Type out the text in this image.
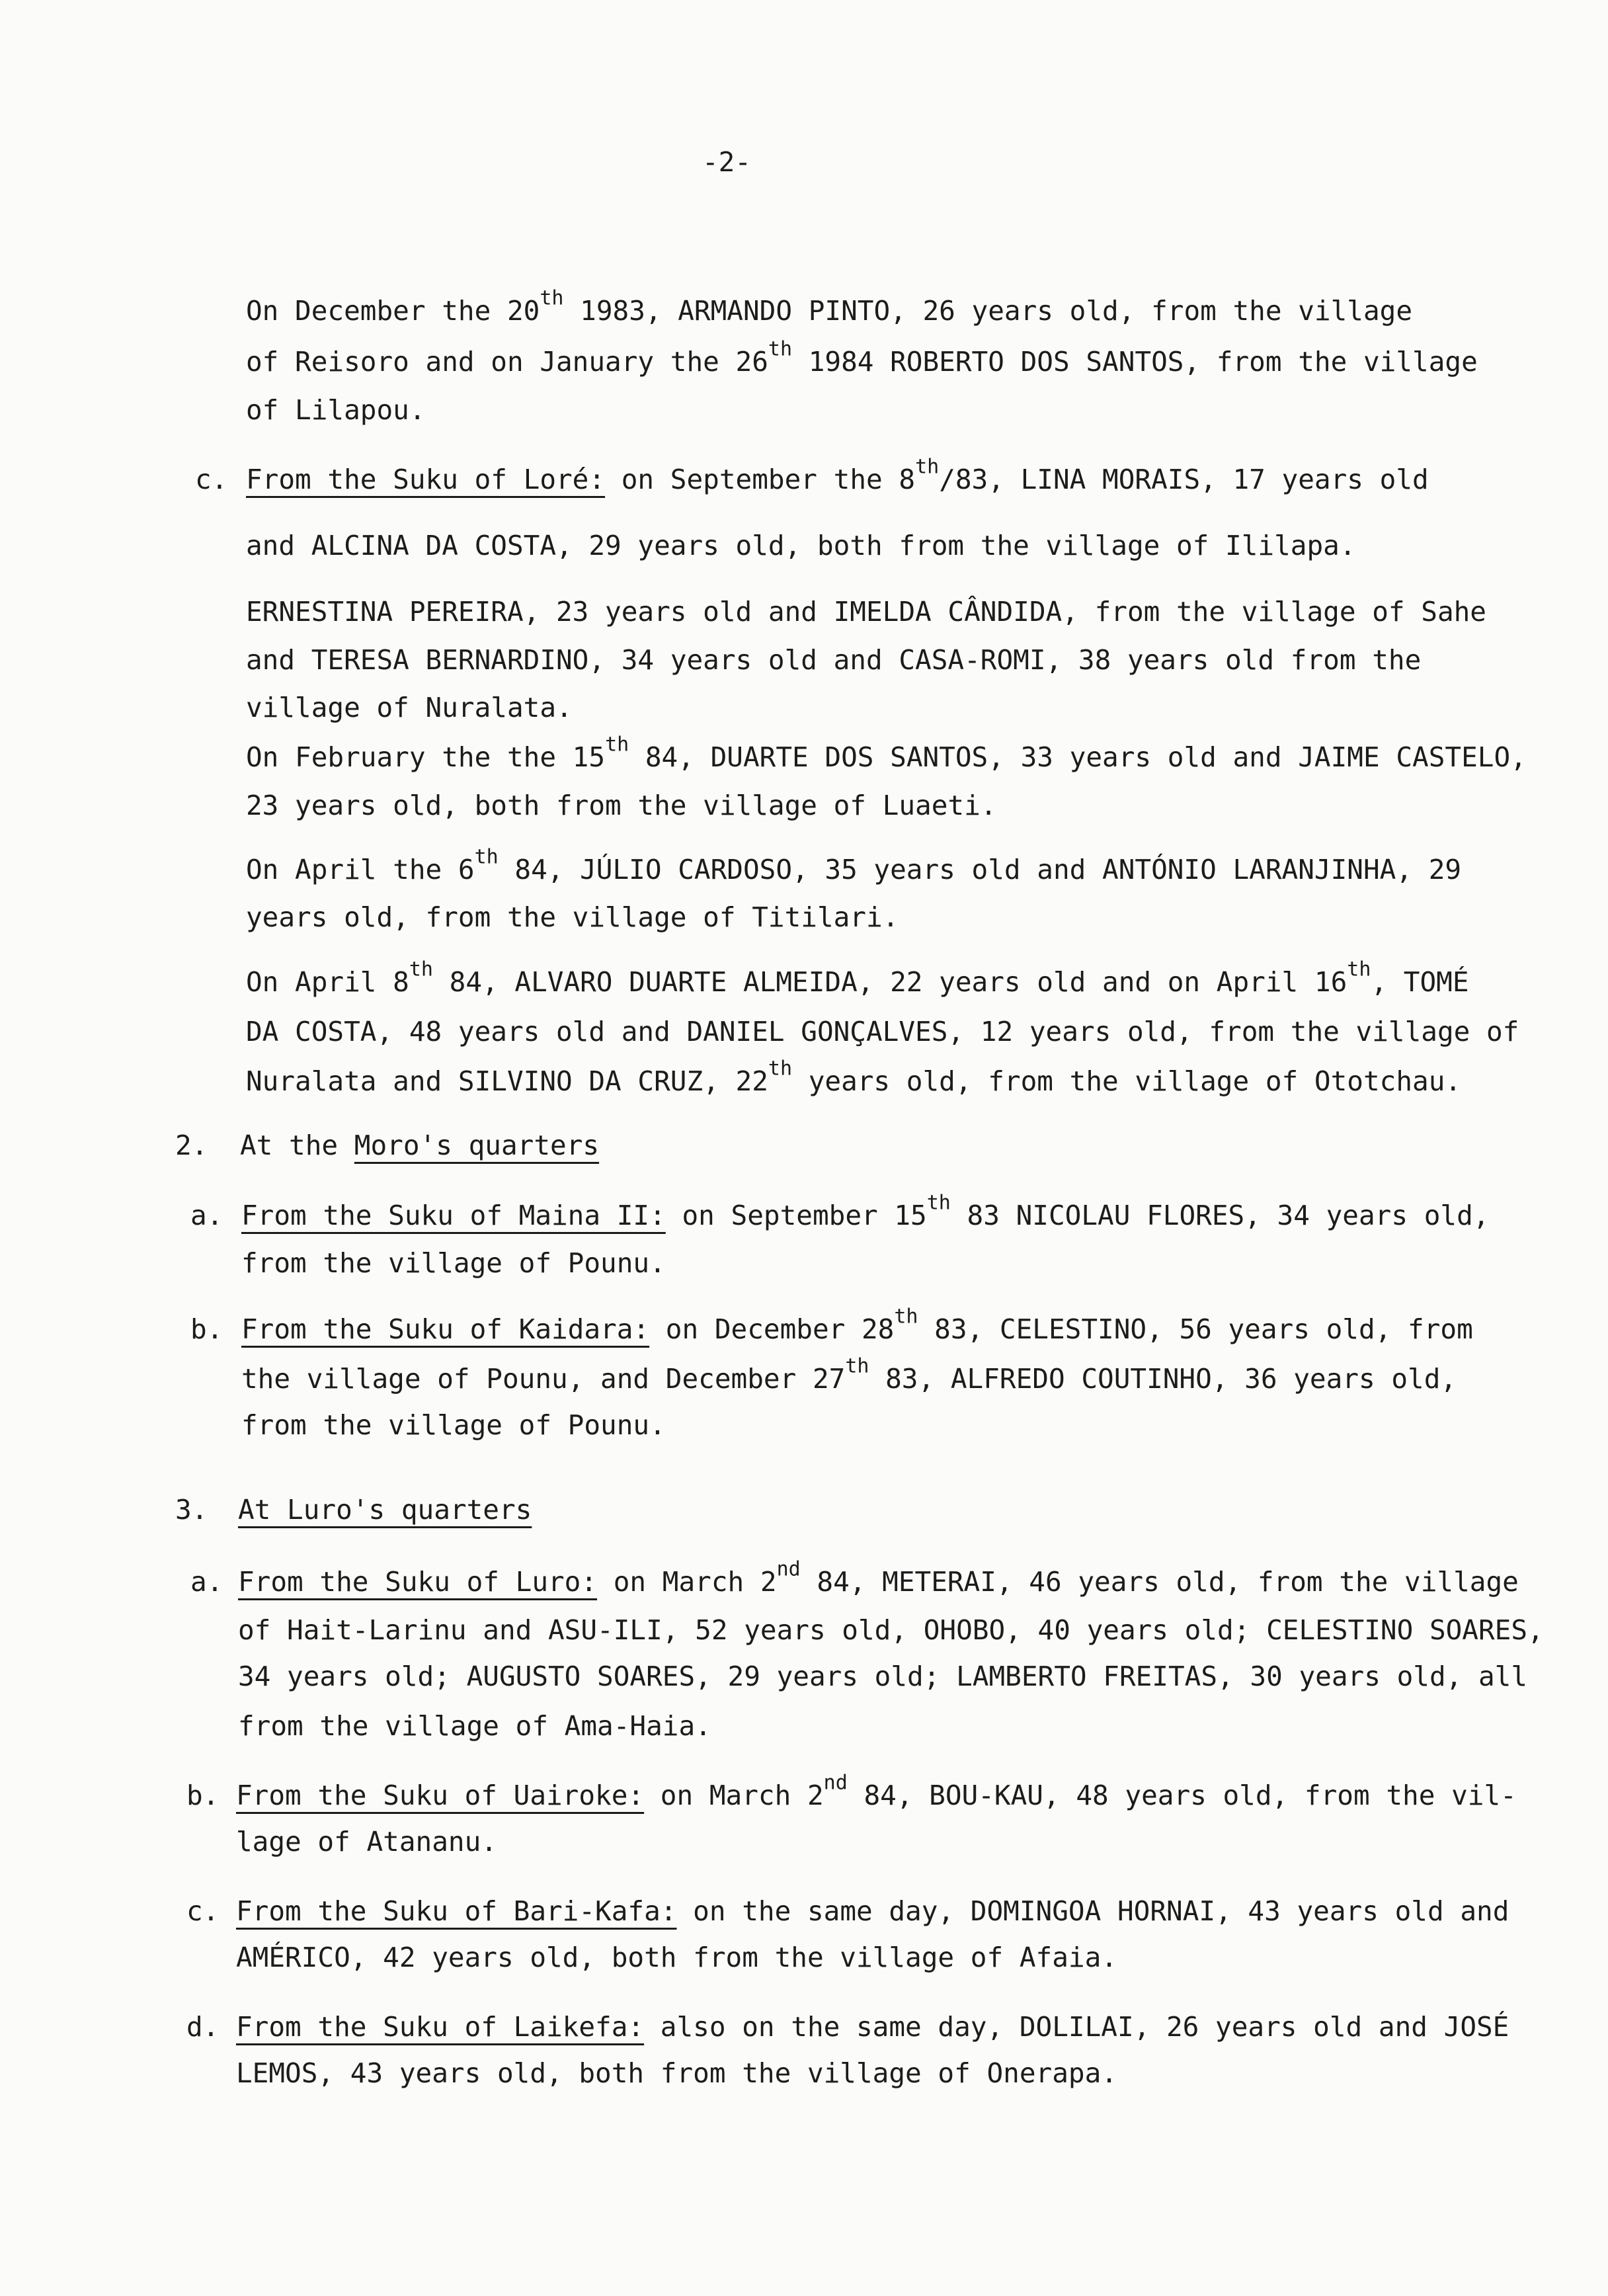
-2-
On December the 20th 1983, ARMANDO PINTO, 26 years old, from the village
of Reisoro and on January the 26th 1984 ROBERTO DOS SANTOS, from the village
of Lilapou.
c. From the Suku of Loré: on September the 8th/83, LINA MORAIS, 17 years old
and ALCINA DA COSTA, 29 years old, both from the village of Ililapa.
ERNESTINA PEREIRA, 23 years old and IMELDA CÂNDIDA, from the village of Sahe
and TERESA BERNARDINO, 34 years old and CASA-ROMI, 38 years old from the
village of Nuralata.
On February the the 15th 84, DUARTE DOS SANTOS, 33 years old and JAIME CASTELO,
23 years old, both from the village of Luaeti.
On April the 6th 84, JÚLIO CARDOSO, 35 years old and ANTÓNIO LARANJINHA, 29
years old, from the village of Titilari.
On April 8th 84, ALVARO DUARTE ALMEIDA, 22 years old and on April 16th, TOMÉ
DA COSTA, 48 years old and DANIEL GONÇALVES, 12 years old, from the village of
Nuralata and SILVINO DA CRUZ, 22th years old, from the village of Ototchau.
2. At the Moro's quarters
a. From the Suku of Maina II: on September 15th 83 NICOLAU FLORES, 34 years old,
from the village of Pounu.
b. From the Suku of Kaidara: on December 28th 83, CELESTINO, 56 years old, from
the village of Pounu, and December 27th 83, ALFREDO COUTINHO, 36 years old,
from the village of Pounu.
3. At Luro's quarters
a. From the Suku of Luro: on March 2nd 84, METERAI, 46 years old, from the village
of Hait-Larinu and ASU-ILI, 52 years old, OHOBO, 40 years old; CELESTINO SOARES,
34 years old; AUGUSTO SOARES, 29 years old; LAMBERTO FREITAS, 30 years old, all
from the village of Ama-Haia.
b. From the Suku of Uairoke: on March 2nd 84, BOU-KAU, 48 years old, from the vil-
lage of Atananu.
c. From the Suku of Bari-Kafa: on the same day, DOMINGOA HORNAI, 43 years old and
AMÉRICO, 42 years old, both from the village of Afaia.
d. From the Suku of Laikefa: also on the same day, DOLILAI, 26 years old and JOSÉ
LEMOS, 43 years old, both from the village of Onerapa.
